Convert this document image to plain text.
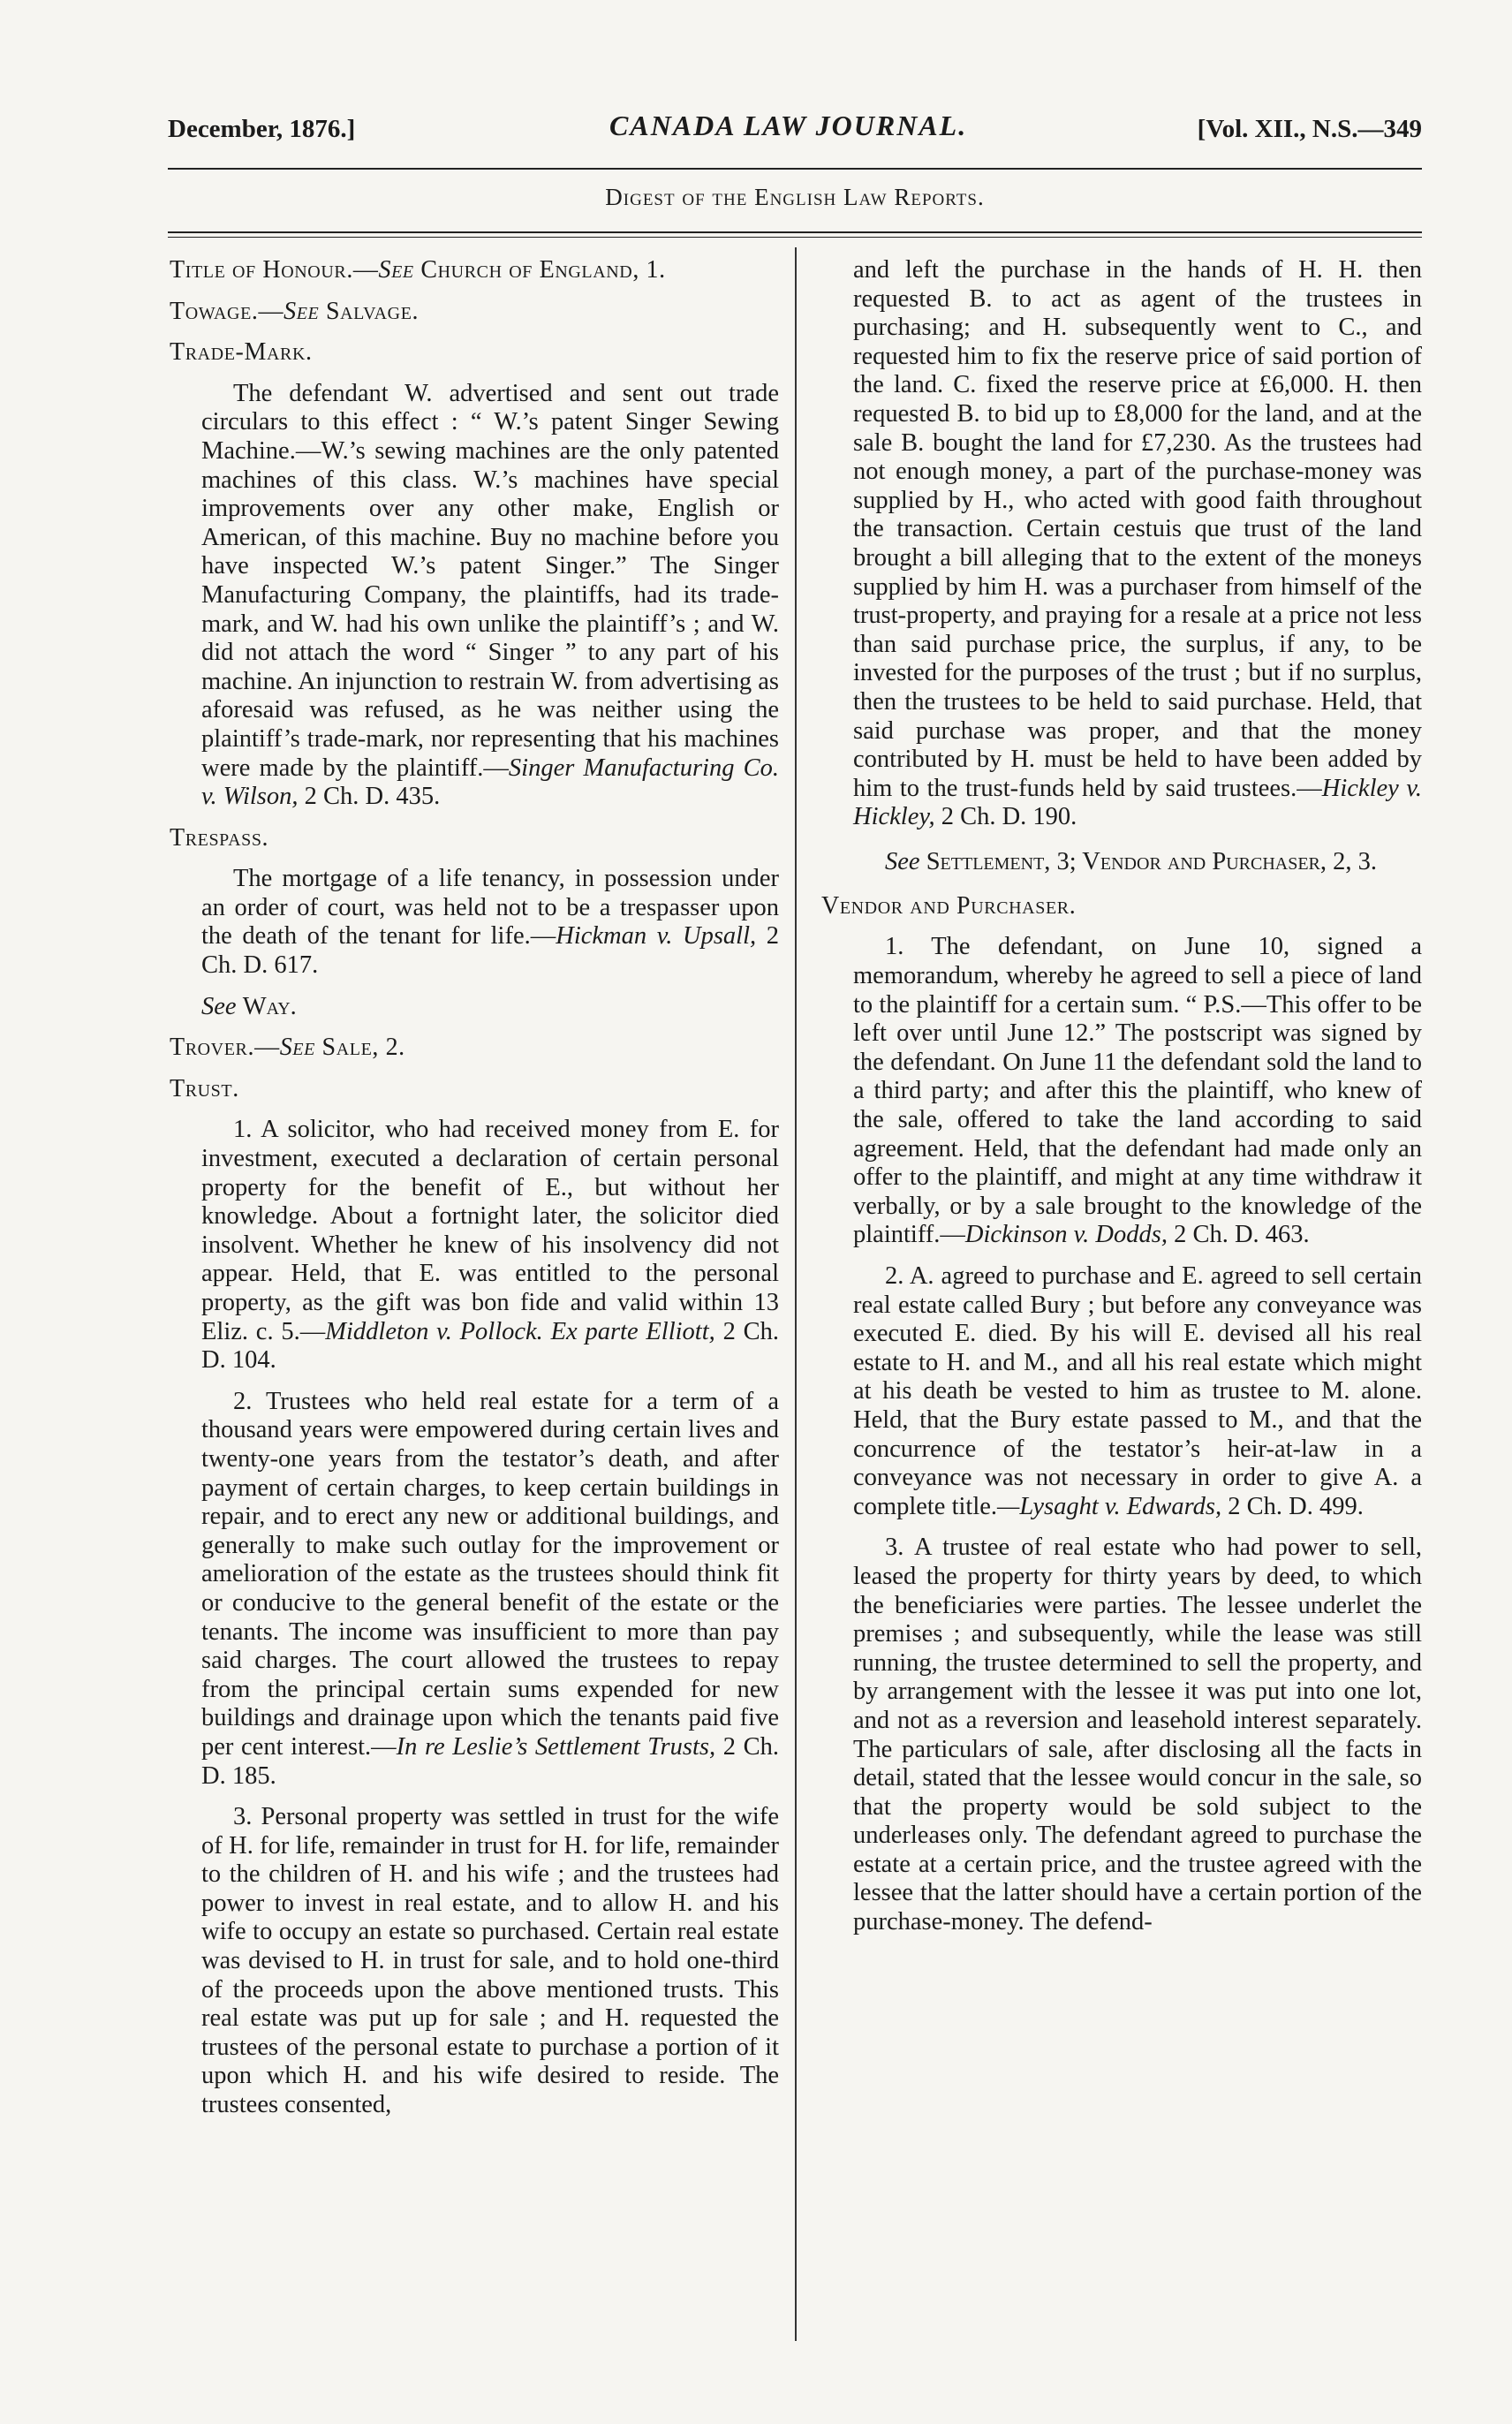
December, 1876.]	CANADA LAW JOURNAL.	[Vol. XII., N.S.—349
Digest of the English Law Reports.

Title of Honour.—See Church of England, 1.

Towage.—See Salvage.

Trade-Mark.

The defendant W. advertised and sent out trade circulars to this effect : “ W.’s patent Singer Sewing Machine.—W.’s sewing machines are the only patented machines of this class. W.’s machines have special improvements over any other make, English or American, of this machine. Buy no machine before you have inspected W.’s patent Singer.” The Singer Manufacturing Company, the plaintiffs, had its trade-mark, and W. had his own unlike the plaintiff’s ; and W. did not attach the word “ Singer ” to any part of his machine. An injunction to restrain W. from advertising as aforesaid was refused, as he was neither using the plaintiff’s trade-mark, nor representing that his machines were made by the plaintiff.—Singer Manufacturing Co. v. Wilson, 2 Ch. D. 435.

Trespass.

The mortgage of a life tenancy, in possession under an order of court, was held not to be a trespasser upon the death of the tenant for life.—Hickman v. Upsall, 2 Ch. D. 617.

See Way.

Trover.—See Sale, 2.

Trust.

1. A solicitor, who had received money from E. for investment, executed a declaration of certain personal property for the benefit of E., but without her knowledge. About a fortnight later, the solicitor died insolvent. Whether he knew of his insolvency did not appear. Held, that E. was entitled to the personal property, as the gift was bon fide and valid within 13 Eliz. c. 5.—Middleton v. Pollock. Ex parte Elliott, 2 Ch. D. 104.

2. Trustees who held real estate for a term of a thousand years were empowered during certain lives and twenty-one years from the testator’s death, and after payment of certain charges, to keep certain buildings in repair, and to erect any new or additional buildings, and generally to make such outlay for the improvement or amelioration of the estate as the trustees should think fit or conducive to the general benefit of the estate or the tenants. The income was insufficient to more than pay said charges. The court allowed the trustees to repay from the principal certain sums expended for new buildings and drainage upon which the tenants paid five per cent interest.—In re Leslie’s Settlement Trusts, 2 Ch. D. 185.

3. Personal property was settled in trust for the wife of H. for life, remainder in trust for H. for life, remainder to the children of H. and his wife ; and the trustees had power to invest in real estate, and to allow H. and his wife to occupy an estate so purchased. Certain real estate was devised to H. in trust for sale, and to hold one-third of the proceeds upon the above mentioned trusts. This real estate was put up for sale ; and H. requested the trustees of the personal estate to purchase a portion of it upon which H. and his wife desired to reside. The trustees consented,

and left the purchase in the hands of H. H. then requested B. to act as agent of the trustees in purchasing; and H. subsequently went to C., and requested him to fix the reserve price of said portion of the land. C. fixed the reserve price at £6,000. H. then requested B. to bid up to £8,000 for the land, and at the sale B. bought the land for £7,230. As the trustees had not enough money, a part of the purchase-money was supplied by H., who acted with good faith throughout the transaction. Certain cestuis que trust of the land brought a bill alleging that to the extent of the moneys supplied by him H. was a purchaser from himself of the trust-property, and praying for a resale at a price not less than said purchase price, the surplus, if any, to be invested for the purposes of the trust ; but if no surplus, then the trustees to be held to said purchase. Held, that said purchase was proper, and that the money contributed by H. must be held to have been added by him to the trust-funds held by said trustees.—Hickley v. Hickley, 2 Ch. D. 190.

See Settlement, 3; Vendor and Purchaser, 2, 3.

Vendor and Purchaser.

1. The defendant, on June 10, signed a memorandum, whereby he agreed to sell a piece of land to the plaintiff for a certain sum. “ P.S.—This offer to be left over until June 12.” The postscript was signed by the defendant. On June 11 the defendant sold the land to a third party; and after this the plaintiff, who knew of the sale, offered to take the land according to said agreement. Held, that the defendant had made only an offer to the plaintiff, and might at any time withdraw it verbally, or by a sale brought to the knowledge of the plaintiff.—Dickinson v. Dodds, 2 Ch. D. 463.

2. A. agreed to purchase and E. agreed to sell certain real estate called Bury ; but before any conveyance was executed E. died. By his will E. devised all his real estate to H. and M., and all his real estate which might at his death be vested to him as trustee to M. alone. Held, that the Bury estate passed to M., and that the concurrence of the testator’s heir-at-law in a conveyance was not necessary in order to give A. a complete title.—Lysaght v. Edwards, 2 Ch. D. 499.

3. A trustee of real estate who had power to sell, leased the property for thirty years by deed, to which the beneficiaries were parties. The lessee underlet the premises ; and subsequently, while the lease was still running, the trustee determined to sell the property, and by arrangement with the lessee it was put into one lot, and not as a reversion and leasehold interest separately. The particulars of sale, after disclosing all the facts in detail, stated that the lessee would concur in the sale, so that the property would be sold subject to the underleases only. The defendant agreed to purchase the estate at a certain price, and the trustee agreed with the lessee that the latter should have a certain portion of the purchase-money. The defend-
